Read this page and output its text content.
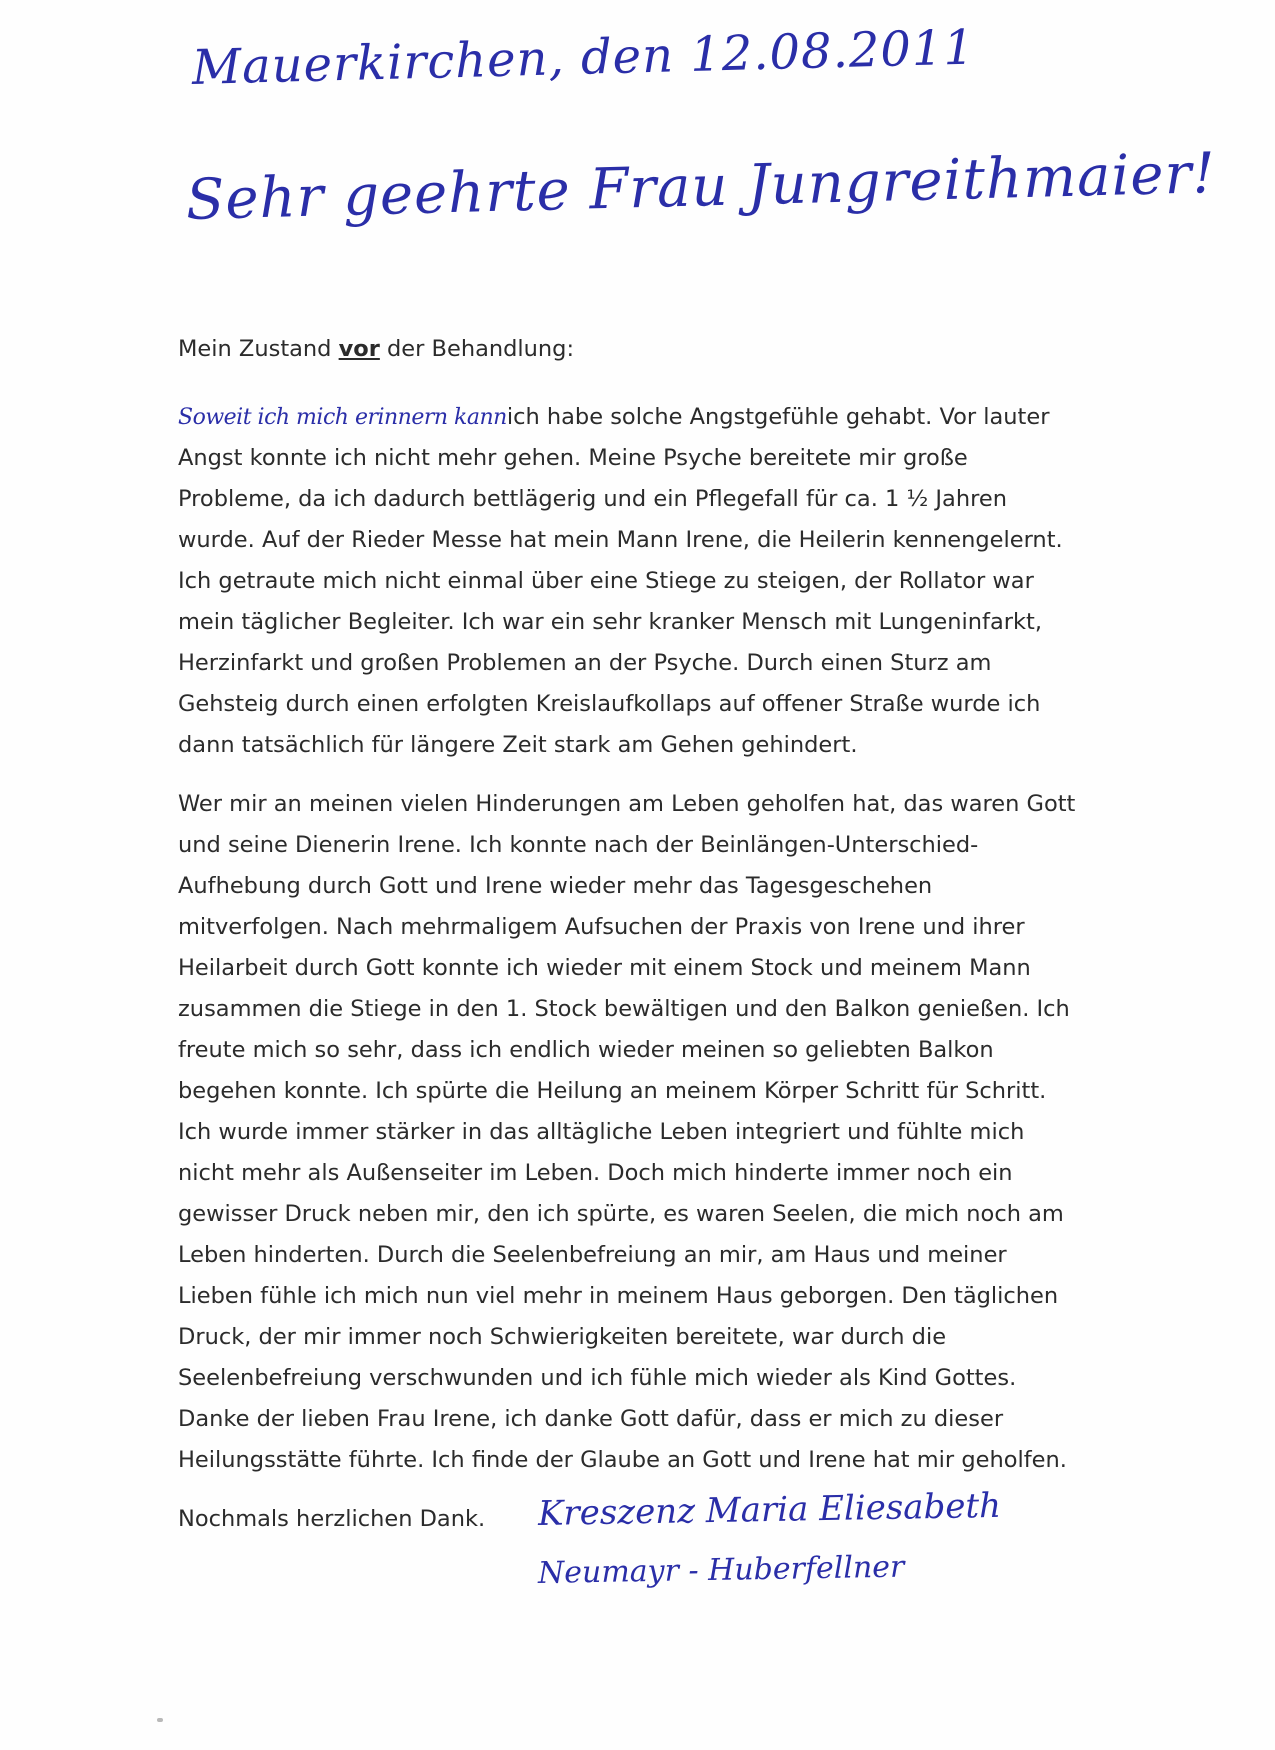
Mauerkirchen, den 12.08.2011
Sehr geehrte Frau Jungreithmaier!
Mein Zustand vor der Behandlung:
Soweit ich mich erinnern kannich habe solche Angstgefühle gehabt. Vor lauter
Angst konnte ich nicht mehr gehen. Meine Psyche bereitete mir große
Probleme, da ich dadurch bettlägerig und ein Pflegefall für ca. 1 ½ Jahren
wurde. Auf der Rieder Messe hat mein Mann Irene, die Heilerin kennengelernt.
Ich getraute mich nicht einmal über eine Stiege zu steigen, der Rollator war
mein täglicher Begleiter. Ich war ein sehr kranker Mensch mit Lungeninfarkt,
Herzinfarkt und großen Problemen an der Psyche. Durch einen Sturz am
Gehsteig durch einen erfolgten Kreislaufkollaps auf offener Straße wurde ich
dann tatsächlich für längere Zeit stark am Gehen gehindert.
Wer mir an meinen vielen Hinderungen am Leben geholfen hat, das waren Gott
und seine Dienerin Irene. Ich konnte nach der Beinlängen-Unterschied-
Aufhebung durch Gott und Irene wieder mehr das Tagesgeschehen
mitverfolgen. Nach mehrmaligem Aufsuchen der Praxis von Irene und ihrer
Heilarbeit durch Gott konnte ich wieder mit einem Stock und meinem Mann
zusammen die Stiege in den 1. Stock bewältigen und den Balkon genießen. Ich
freute mich so sehr, dass ich endlich wieder meinen so geliebten Balkon
begehen konnte. Ich spürte die Heilung an meinem Körper Schritt für Schritt.
Ich wurde immer stärker in das alltägliche Leben integriert und fühlte mich
nicht mehr als Außenseiter im Leben. Doch mich hinderte immer noch ein
gewisser Druck neben mir, den ich spürte, es waren Seelen, die mich noch am
Leben hinderten. Durch die Seelenbefreiung an mir, am Haus und meiner
Lieben fühle ich mich nun viel mehr in meinem Haus geborgen. Den täglichen
Druck, der mir immer noch Schwierigkeiten bereitete, war durch die
Seelenbefreiung verschwunden und ich fühle mich wieder als Kind Gottes.
Danke der lieben Frau Irene, ich danke Gott dafür, dass er mich zu dieser
Heilungsstätte führte. Ich finde der Glaube an Gott und Irene hat mir geholfen.
Nochmals herzlichen Dank. Kreszenz Maria Eliesabeth
Neumayr - Huberfellner
